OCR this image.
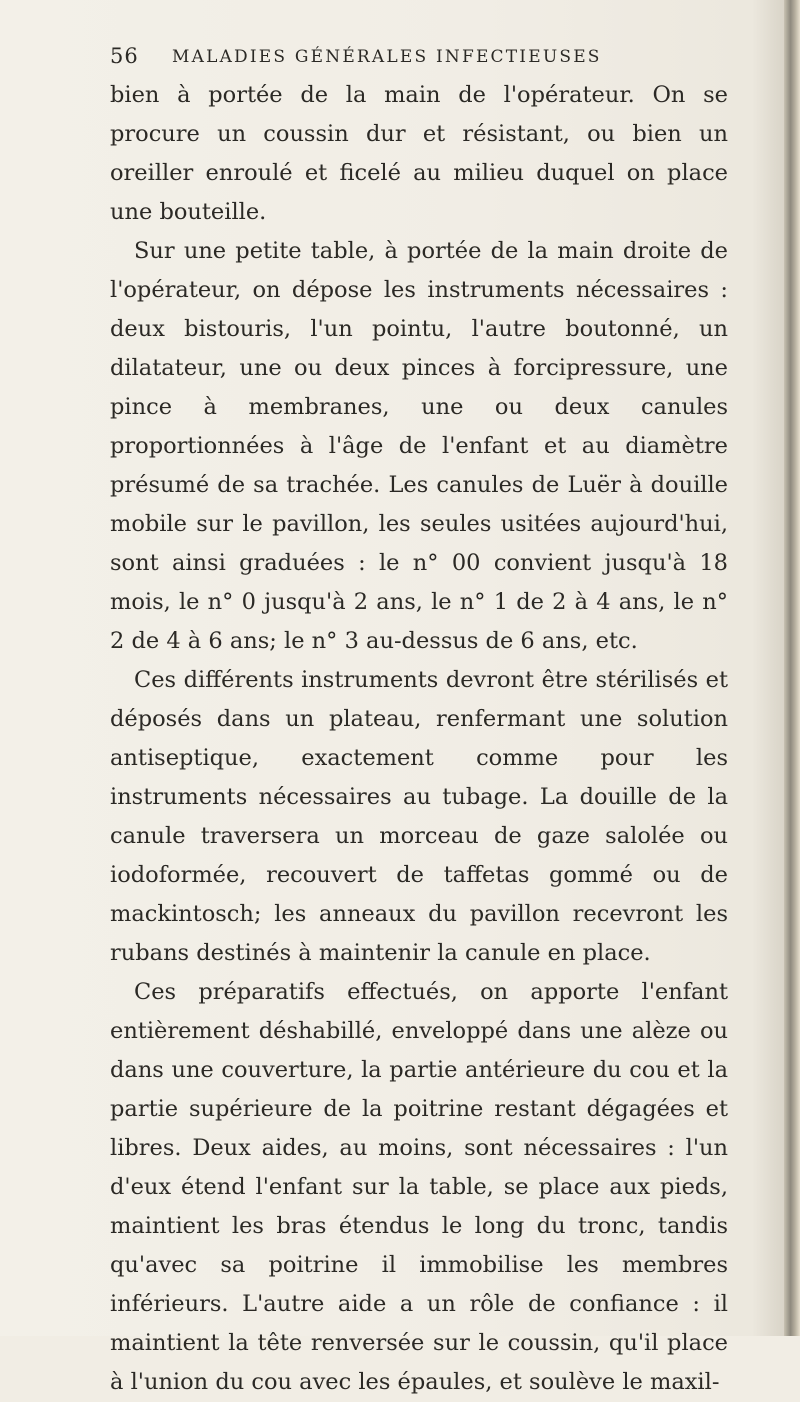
56 MALADIES GÉNÉRALES INFECTIEUSES

bien à portée de la main de l'opérateur. On se procure un coussin dur et résistant, ou bien un oreiller enroulé et ficelé au milieu duquel on place une bouteille.

Sur une petite table, à portée de la main droite de l'opérateur, on dépose les instruments nécessaires : deux bistouris, l'un pointu, l'autre boutonné, un dilatateur, une ou deux pinces à forcipressure, une pince à membranes, une ou deux canules proportionnées à l'âge de l'enfant et au diamètre présumé de sa trachée. Les canules de Luër à douille mobile sur le pavillon, les seules usitées aujourd'hui, sont ainsi graduées : le n° 00 convient jusqu'à 18 mois, le n° 0 jusqu'à 2 ans, le n° 1 de 2 à 4 ans, le n° 2 de 4 à 6 ans; le n° 3 au-dessus de 6 ans, etc.

Ces différents instruments devront être stérilisés et déposés dans un plateau, renfermant une solution antiseptique, exactement comme pour les instruments nécessaires au tubage. La douille de la canule traversera un morceau de gaze salolée ou iodoformée, recouvert de taffetas gommé ou de mackintosch; les anneaux du pavillon recevront les rubans destinés à maintenir la canule en place.

Ces préparatifs effectués, on apporte l'enfant entièrement déshabillé, enveloppé dans une alèze ou dans une couverture, la partie antérieure du cou et la partie supérieure de la poitrine restant dégagées et libres. Deux aides, au moins, sont nécessaires : l'un d'eux étend l'enfant sur la table, se place aux pieds, maintient les bras étendus le long du tronc, tandis qu'avec sa poitrine il immobilise les membres inférieurs. L'autre aide a un rôle de confiance : il maintient la tête renversée sur le coussin, qu'il place à l'union du cou avec les épaules, et soulève le maxil-
